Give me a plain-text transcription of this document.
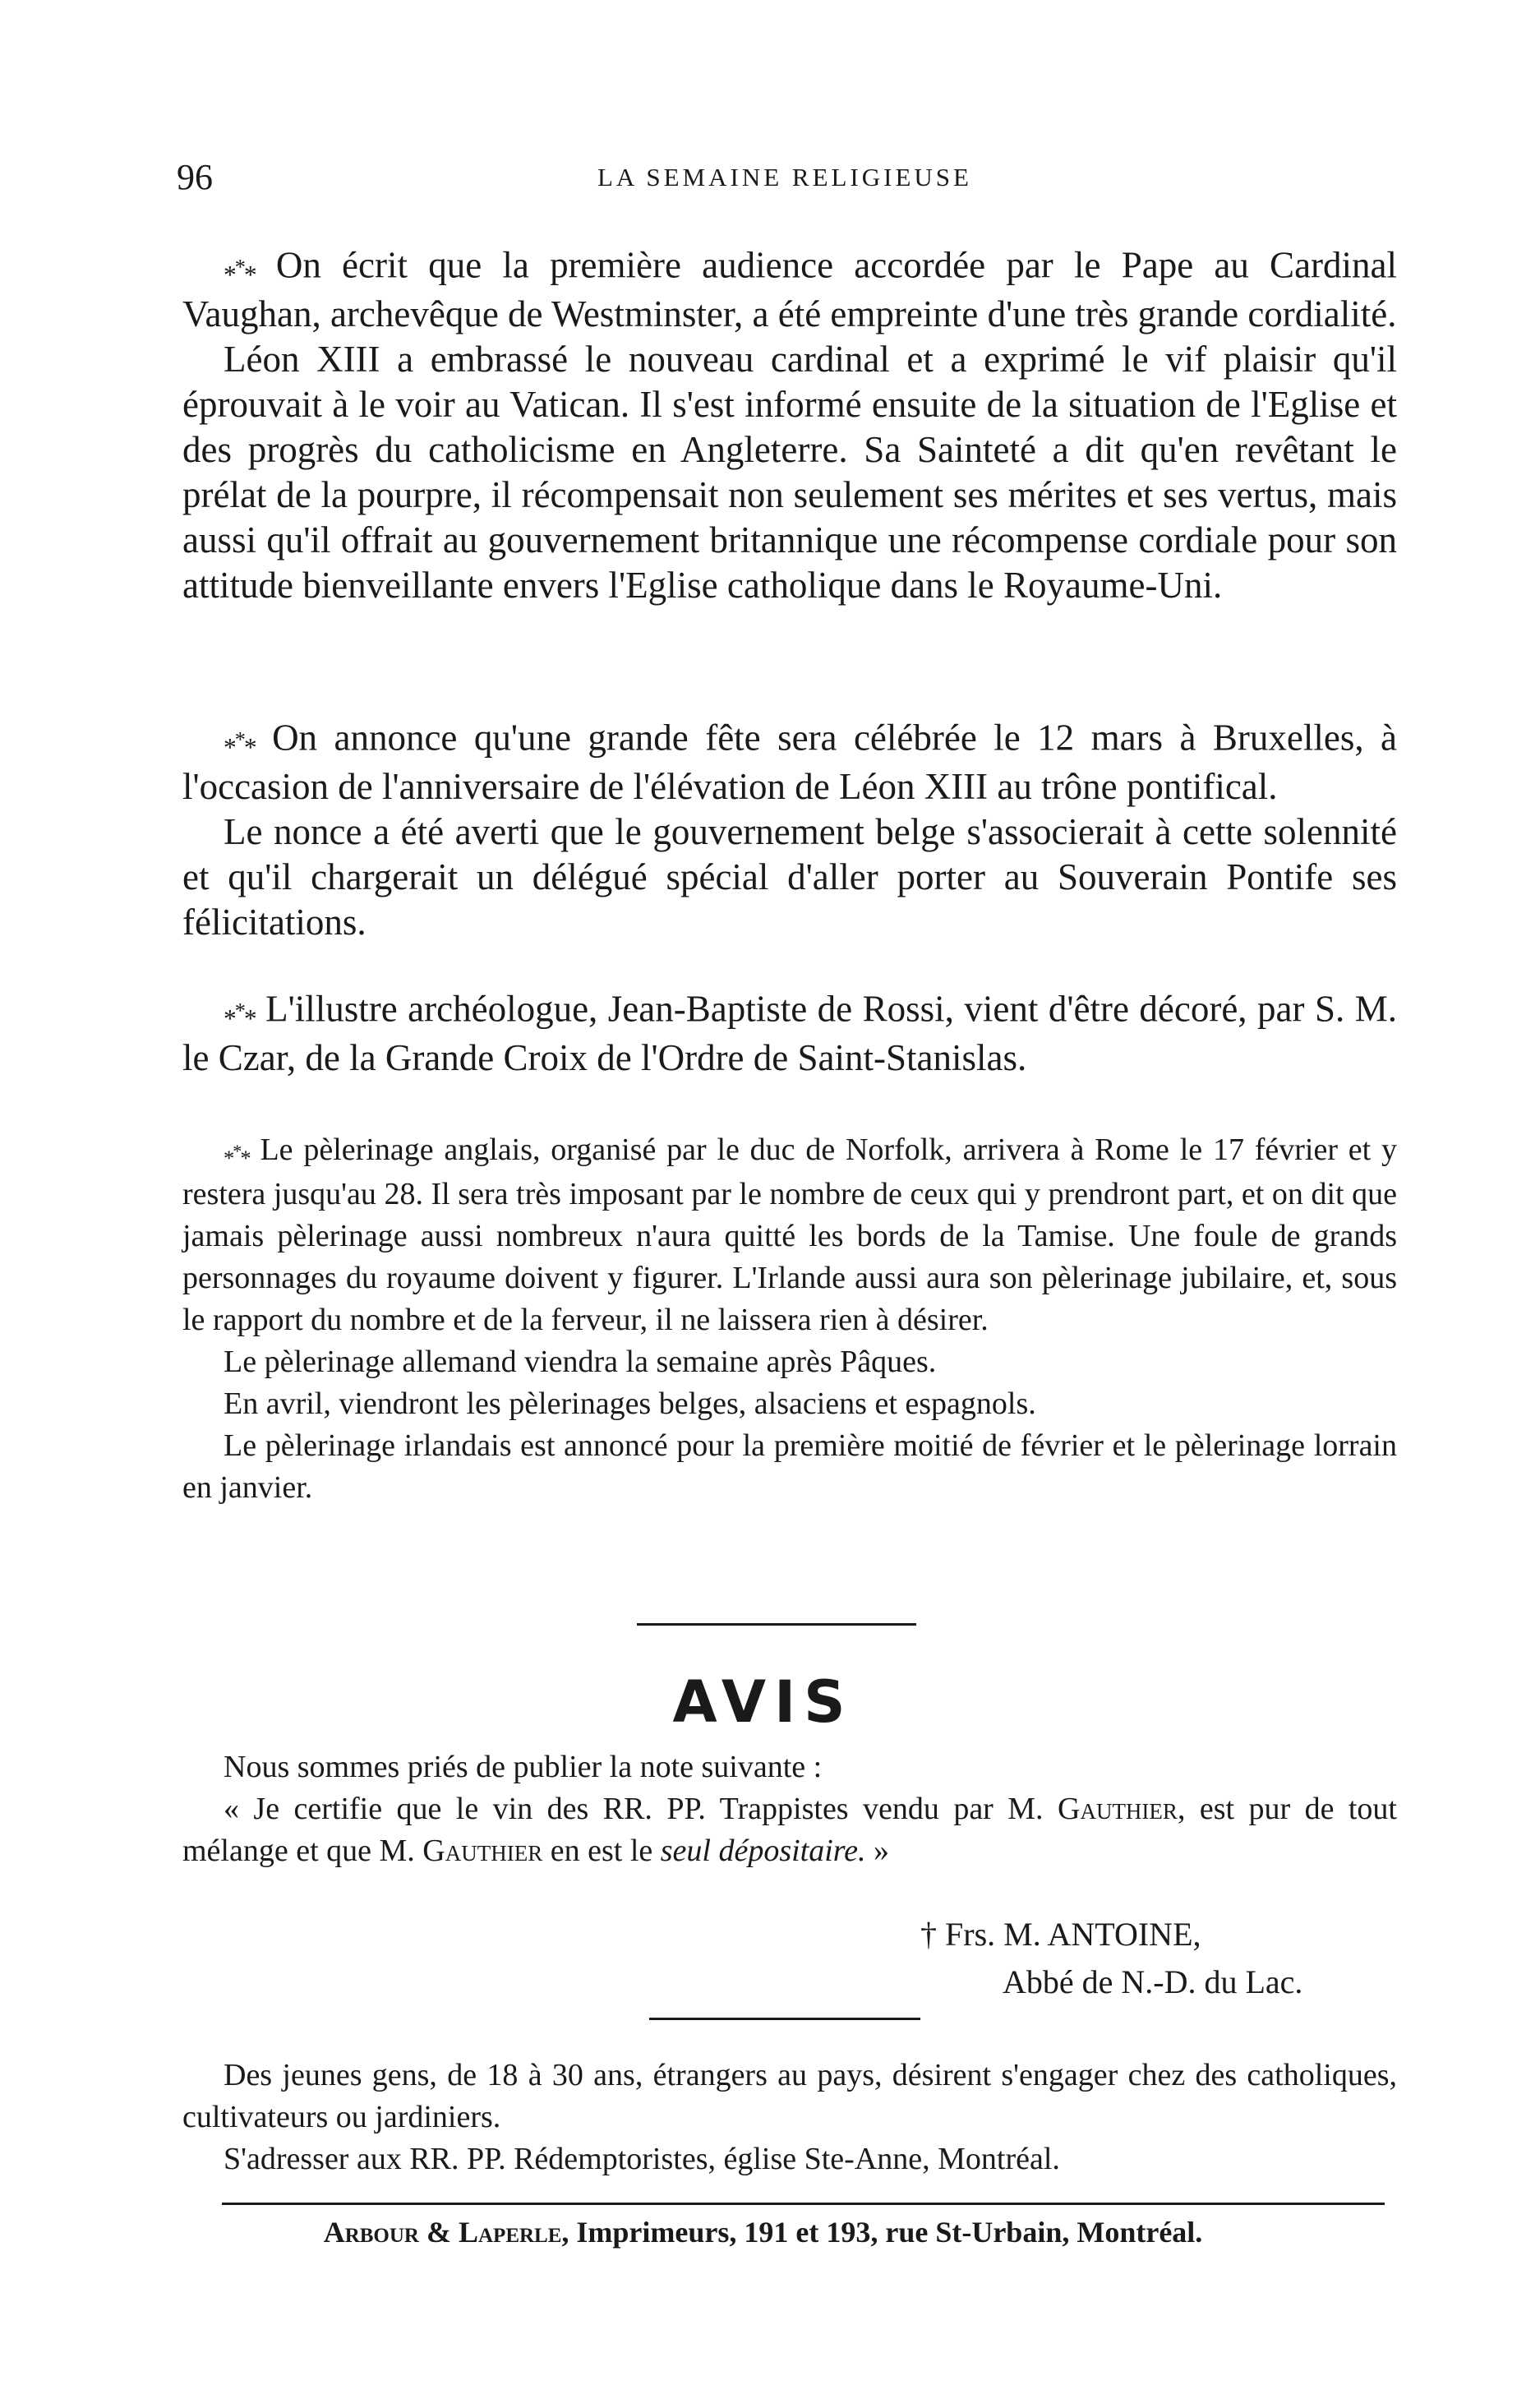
96	LA SEMAINE RELIGIEUSE

*** On écrit que la première audience accordée par le Pape au Cardinal Vaughan, archevêque de Westminster, a été empreinte d'une très grande cordialité.

Léon XIII a embrassé le nouveau cardinal et a exprimé le vif plaisir qu'il éprouvait à le voir au Vatican. Il s'est informé ensuite de la situation de l'Eglise et des progrès du catholicisme en Angleterre. Sa Sainteté a dit qu'en revêtant le prélat de la pourpre, il récompensait non seulement ses mérites et ses vertus, mais aussi qu'il offrait au gouvernement britannique une récompense cordiale pour son attitude bienveillante envers l'Eglise catholique dans le Royaume-Uni.

*** On annonce qu'une grande fête sera célébrée le 12 mars à Bruxelles, à l'occasion de l'anniversaire de l'élévation de Léon XIII au trône pontifical.

Le nonce a été averti que le gouvernement belge s'associerait à cette solennité et qu'il chargerait un délégué spécial d'aller porter au Souverain Pontife ses félicitations.

*** L'illustre archéologue, Jean-Baptiste de Rossi, vient d'être décoré, par S. M. le Czar, de la Grande Croix de l'Ordre de Saint-Stanislas.

*** Le pèlerinage anglais, organisé par le duc de Norfolk, arrivera à Rome le 17 février et y restera jusqu'au 28. Il sera très imposant par le nombre de ceux qui y prendront part, et on dit que jamais pèlerinage aussi nombreux n'aura quitté les bords de la Tamise. Une foule de grands personnages du royaume doivent y figurer. L'Irlande aussi aura son pèlerinage jubilaire, et, sous le rapport du nombre et de la ferveur, il ne laissera rien à désirer.

Le pèlerinage allemand viendra la semaine après Pâques.

En avril, viendront les pèlerinages belges, alsaciens et espagnols.

Le pèlerinage irlandais est annoncé pour la première moitié de février et le pèlerinage lorrain en janvier.

AVIS

Nous sommes priés de publier la note suivante :

« Je certifie que le vin des RR. PP. Trappistes vendu par M. Gauthier, est pur de tout mélange et que M. Gauthier en est le seul dépositaire. »

† Frs. M. ANTOINE,
Abbé de N.-D. du Lac.

Des jeunes gens, de 18 à 30 ans, étrangers au pays, désirent s'engager chez des catholiques, cultivateurs ou jardiniers.

S'adresser aux RR. PP. Rédemptoristes, église Ste-Anne, Montréal.

Arbour & Laperle, Imprimeurs, 191 et 193, rue St-Urbain, Montréal.
